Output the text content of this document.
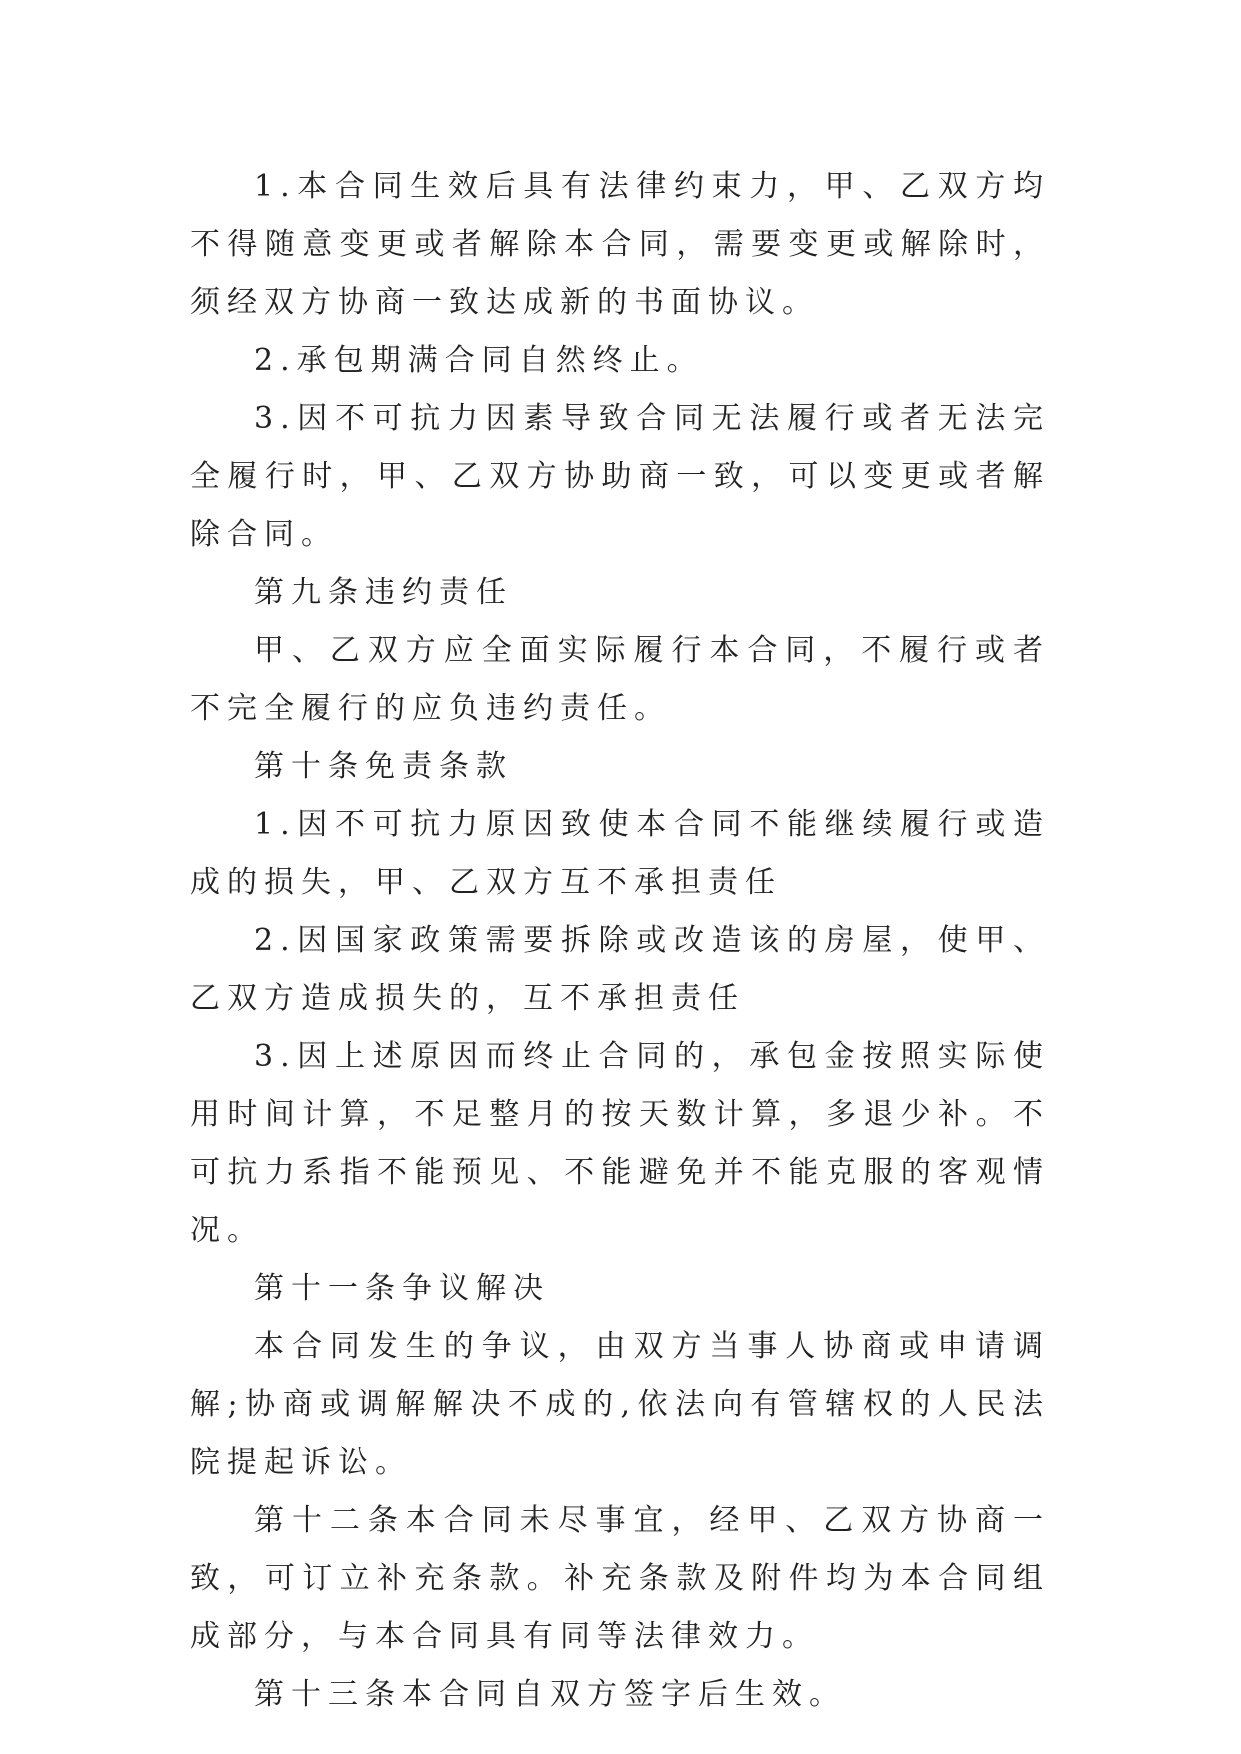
1.本合同生效后具有法律约束力，甲、乙双方均不得随意变更或者解除本合同，需要变更或解除时，须经双方协商一致达成新的书面协议。

2.承包期满合同自然终止。

3.因不可抗力因素导致合同无法履行或者无法完全履行时，甲、乙双方协助商一致，可以变更或者解除合同。

第九条违约责任

甲、乙双方应全面实际履行本合同，不履行或者不完全履行的应负违约责任。

第十条免责条款

1.因不可抗力原因致使本合同不能继续履行或造成的损失，甲、乙双方互不承担责任

2.因国家政策需要拆除或改造该的房屋，使甲、乙双方造成损失的，互不承担责任

3.因上述原因而终止合同的，承包金按照实际使用时间计算，不足整月的按天数计算，多退少补。不可抗力系指不能预见、不能避免并不能克服的客观情况。

第十一条争议解决

本合同发生的争议，由双方当事人协商或申请调解;协商或调解解决不成的,依法向有管辖权的人民法院提起诉讼。

第十二条本合同未尽事宜，经甲、乙双方协商一致，可订立补充条款。补充条款及附件均为本合同组成部分，与本合同具有同等法律效力。

第十三条本合同自双方签字后生效。
